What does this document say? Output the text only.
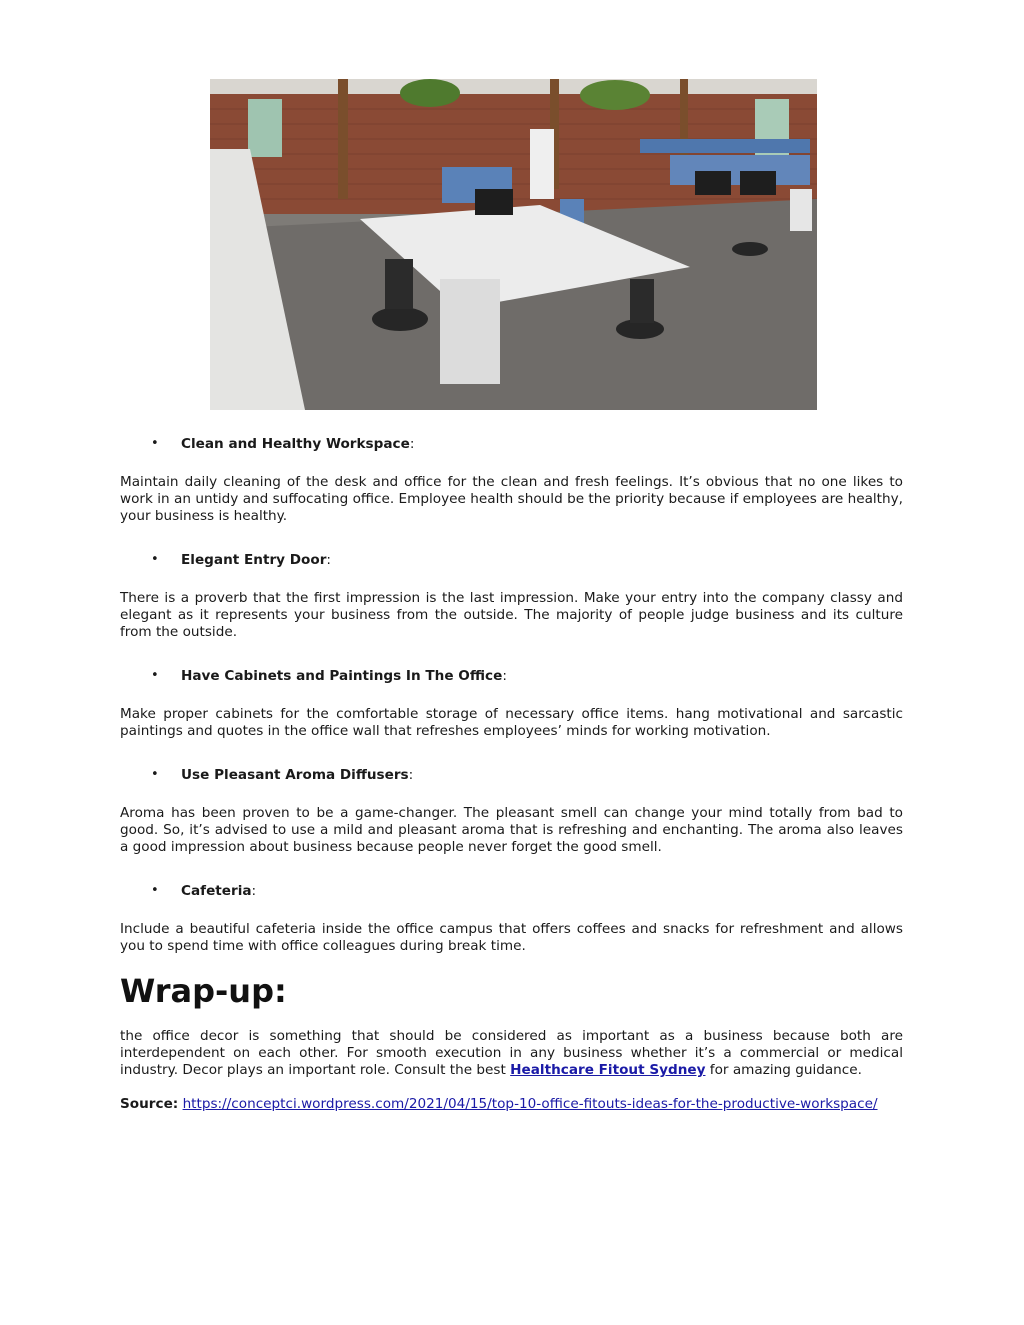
• Clean and Healthy Workspace:

Maintain daily cleaning of the desk and office for the clean and fresh feelings. It’s obvious that no one likes to work in an untidy and suffocating office. Employee health should be the priority because if employees are healthy, your business is healthy.

• Elegant Entry Door:

There is a proverb that the first impression is the last impression. Make your entry into the company classy and elegant as it represents your business from the outside. The majority of people judge business and its culture from the outside.

• Have Cabinets and Paintings In The Office:

Make proper cabinets for the comfortable storage of necessary office items. hang motivational and sarcastic paintings and quotes in the office wall that refreshes employees’ minds for working motivation.

• Use Pleasant Aroma Diffusers:

Aroma has been proven to be a game-changer. The pleasant smell can change your mind totally from bad to good. So, it’s advised to use a mild and pleasant aroma that is refreshing and enchanting. The aroma also leaves a good impression about business because people never forget the good smell.

• Cafeteria:

Include a beautiful cafeteria inside the office campus that offers coffees and snacks for refreshment and allows you to spend time with office colleagues during break time.

Wrap-up:

the office decor is something that should be considered as important as a business because both are interdependent on each other. For smooth execution in any business whether it’s a commercial or medical industry. Decor plays an important role. Consult the best Healthcare Fitout Sydney for amazing guidance.

Source: https://conceptci.wordpress.com/2021/04/15/top-10-office-fitouts-ideas-for-the-productive-workspace/
